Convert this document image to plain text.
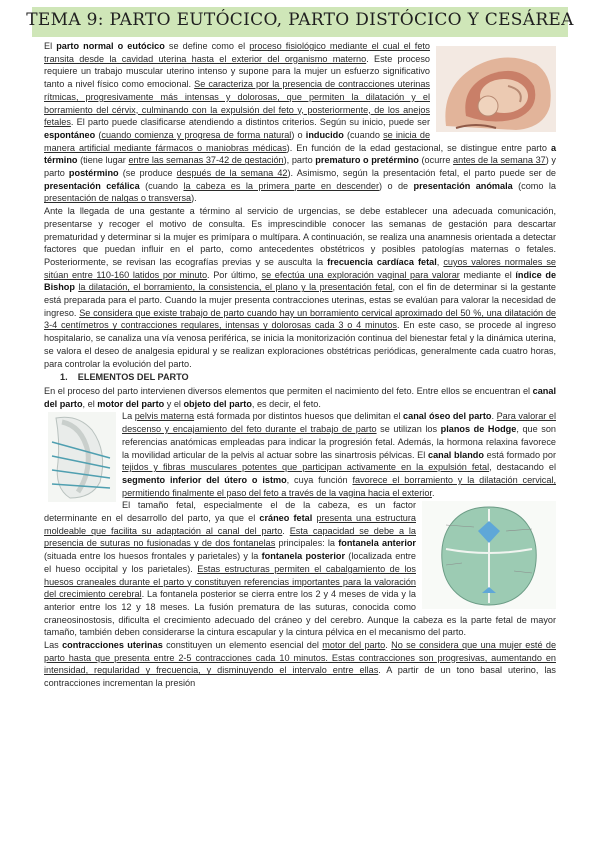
TEMA 9: PARTO EUTÓCICO, PARTO DISTÓCICO Y CESÁREA

El parto normal o eutócico se define como el proceso fisiológico mediante el cual el feto transita desde la cavidad uterina hasta el exterior del organismo materno. Este proceso requiere un trabajo muscular uterino intenso y supone para la mujer un esfuerzo significativo tanto a nivel físico como emocional. Se caracteriza por la presencia de contracciones uterinas rítmicas, progresivamente más intensas y dolorosas, que permiten la dilatación y el borramiento del cérvix, culminando con la expulsión del feto y, posteriormente, de los anejos fetales. El parto puede clasificarse atendiendo a distintos criterios. Según su inicio, puede ser espontáneo (cuando comienza y progresa de forma natural) o inducido (cuando se inicia de manera artificial mediante fármacos o maniobras médicas). En función de la edad gestacional, se distingue entre parto a término (tiene lugar entre las semanas 37-42 de gestación), parto prematuro o pretérmino (ocurre antes de la semana 37) y parto postérmino (se produce después de la semana 42). Asimismo, según la presentación fetal, el parto puede ser de presentación cefálica (cuando la cabeza es la primera parte en descender) o de presentación anómala (como la presentación de nalgas o transversa).

Ante la llegada de una gestante a término al servicio de urgencias, se debe establecer una adecuada comunicación, presentarse y recoger el motivo de consulta. Es imprescindible conocer las semanas de gestación para descartar prematuridad y determinar si la mujer es primípara o multípara. A continuación, se realiza una anamnesis orientada a detectar factores que puedan influir en el parto, como antecedentes obstétricos y posibles patologías maternas o fetales. Posteriormente, se revisan las ecografías previas y se ausculta la frecuencia cardíaca fetal, cuyos valores normales se sitúan entre 110-160 latidos por minuto. Por último, se efectúa una exploración vaginal para valorar mediante el índice de Bishop la dilatación, el borramiento, la consistencia, el plano y la presentación fetal, con el fin de determinar si la gestante está preparada para el parto. Cuando la mujer presenta contracciones uterinas, estas se evalúan para valorar la necesidad de ingreso. Se considera que existe trabajo de parto cuando hay un borramiento cervical aproximado del 50 %, una dilatación de 3-4 centímetros y contracciones regulares, intensas y dolorosas cada 3 o 4 minutos. En este caso, se procede al ingreso hospitalario, se canaliza una vía venosa periférica, se inicia la monitorización continua del bienestar fetal y la dinámica uterina, se valora el deseo de analgesia epidural y se realizan exploraciones obstétricas periódicas, generalmente cada cuatro horas, para controlar la evolución del parto.

1. ELEMENTOS DEL PARTO

En el proceso del parto intervienen diversos elementos que permiten el nacimiento del feto. Entre ellos se encuentran el canal del parto, el motor del parto y el objeto del parto, es decir, el feto.

La pelvis materna está formada por distintos huesos que delimitan el canal óseo del parto. Para valorar el descenso y encajamiento del feto durante el trabajo de parto se utilizan los planos de Hodge, que son referencias anatómicas empleadas para indicar la progresión fetal. Además, la hormona relaxina favorece la movilidad articular de la pelvis al actuar sobre las sinartrosis pélvicas. El canal blando está formado por tejidos y fibras musculares potentes que participan activamente en la expulsión fetal, destacando el segmento inferior del útero o istmo, cuya función favorece el borramiento y la dilatación cervical, permitiendo finalmente el paso del feto a través de la vagina hacia el exterior.

El tamaño fetal, especialmente el de la cabeza, es un factor determinante en el desarrollo del parto, ya que el cráneo fetal presenta una estructura moldeable que facilita su adaptación al canal del parto. Esta capacidad se debe a la presencia de suturas no fusionadas y de dos fontanelas principales: la fontanela anterior (situada entre los huesos frontales y parietales) y la fontanela posterior (localizada entre el hueso occipital y los parietales). Estas estructuras permiten el cabalgamiento de los huesos craneales durante el parto y constituyen referencias importantes para la valoración del crecimiento cerebral. La fontanela posterior se cierra entre los 2 y 4 meses de vida y la anterior entre los 12 y 18 meses. La fusión prematura de las suturas, conocida como craneosinostosis, dificulta el crecimiento adecuado del cráneo y del cerebro. Aunque la cabeza es la parte fetal de mayor tamaño, también deben considerarse la cintura escapular y la cintura pélvica en el mecanismo del parto.

Las contracciones uterinas constituyen un elemento esencial del motor del parto. No se considera que una mujer esté de parto hasta que presenta entre 2-5 contracciones cada 10 minutos. Estas contracciones son progresivas, aumentando en intensidad, regularidad y frecuencia, y disminuyendo el intervalo entre ellas. A partir de un tono basal uterino, las contracciones incrementan la presión
